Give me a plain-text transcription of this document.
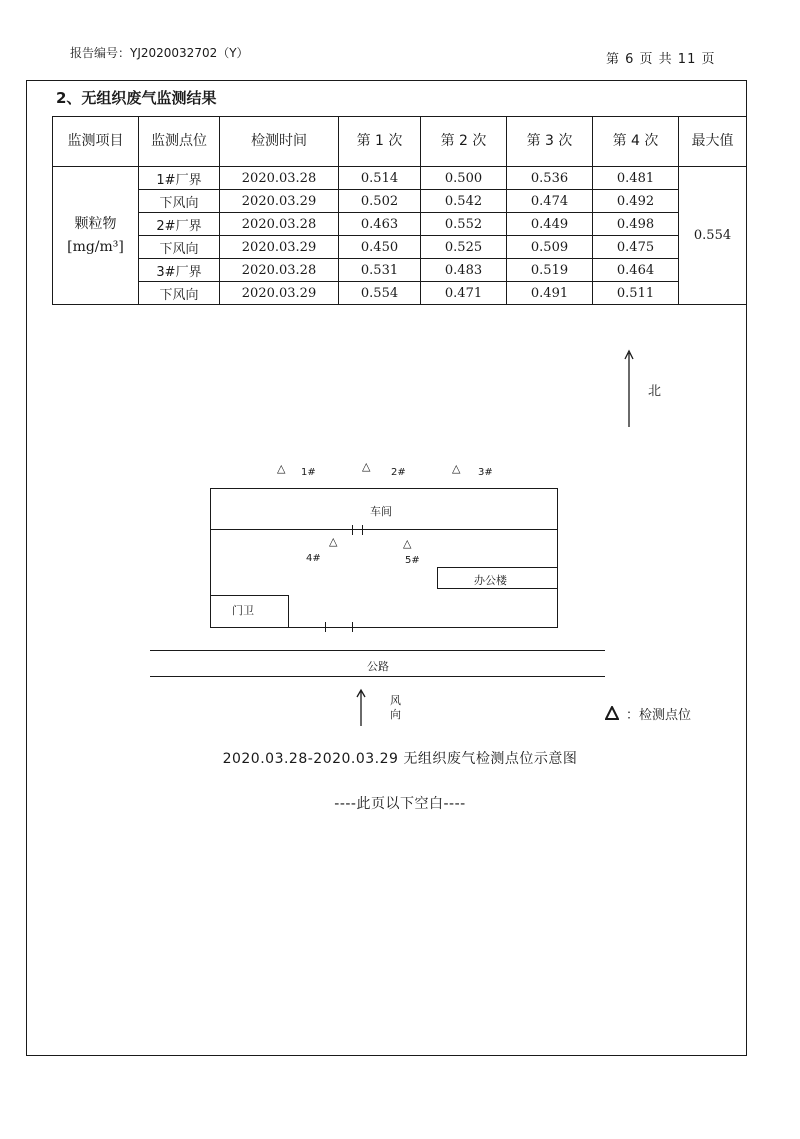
报告编号：YJ2020032702（Y）	第 6 页 共 11 页
2、无组织废气监测结果
监测项目	监测点位	检测时间	第 1 次	第 2 次	第 3 次	第 4 次	最大值
颗粒物
[mg/m³]	1#厂界	2020.03.28	0.514	0.500	0.536	0.481	0.554
	下风向	2020.03.29	0.502	0.542	0.474	0.492	
	2#厂界	2020.03.28	0.463	0.552	0.449	0.498	
	下风向	2020.03.29	0.450	0.525	0.509	0.475	
	3#厂界	2020.03.28	0.531	0.483	0.519	0.464	
	下风向	2020.03.29	0.554	0.471	0.491	0.511	
北
△ 1#	△ 2#	△ 3#
车间
△
4#
△
5#
办公楼
门卫
公路
风向	：检测点位
2020.03.28-2020.03.29 无组织废气检测点位示意图
----此页以下空白----
